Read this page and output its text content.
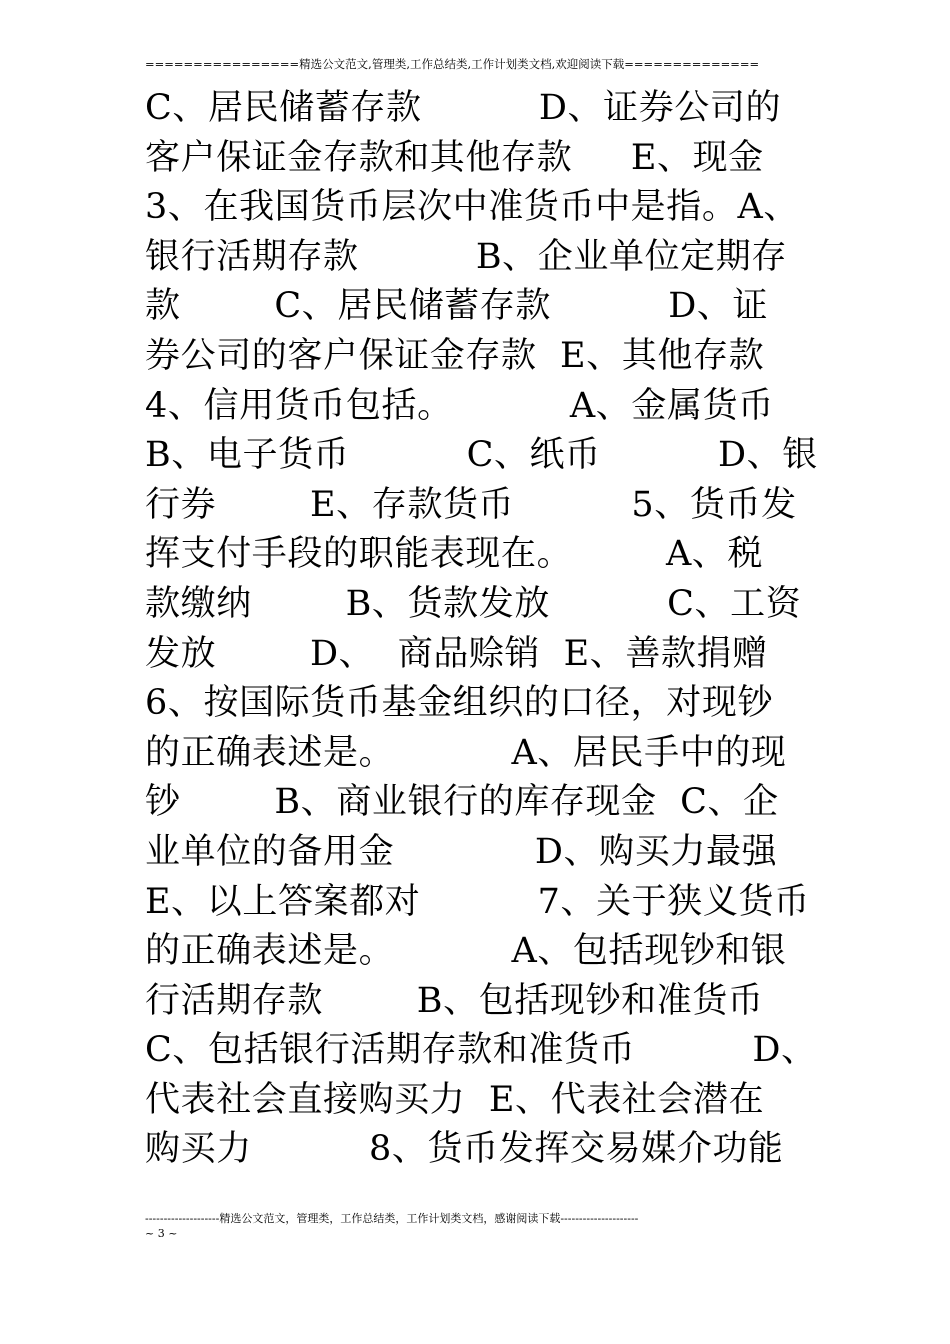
================精选公文范文,管理类,工作总结类,工作计划类文档,欢迎阅读下载==============
C、居民储蓄存款          D、证券公司的
客户保证金存款和其他存款     E、现金
3、在我国货币层次中准货币中是指。A、
银行活期存款          B、企业单位定期存
款        C、居民储蓄存款          D、证
券公司的客户保证金存款  E、其他存款
4、信用货币包括。          A、金属货币
B、电子货币          C、纸币          D、银
行券        E、存款货币          5、货币发
挥支付手段的职能表现在。        A、税
款缴纳        B、货款发放          C、工资
发放        D、  商品赊销  E、善款捐赠
6、按国际货币基金组织的口径，对现钞
的正确表述是。          A、居民手中的现
钞        B、商业银行的库存现金  C、企
业单位的备用金            D、购买力最强
E、以上答案都对          7、关于狭义货币
的正确表述是。          A、包括现钞和银
行活期存款        B、包括现钞和准货币
C、包括银行活期存款和准货币          D、
代表社会直接购买力  E、代表社会潜在
购买力          8、货币发挥交易媒介功能
--------------------精选公文范文，管理类，工作总结类，工作计划类文档，感谢阅读下载---------------------
~ 3 ~
